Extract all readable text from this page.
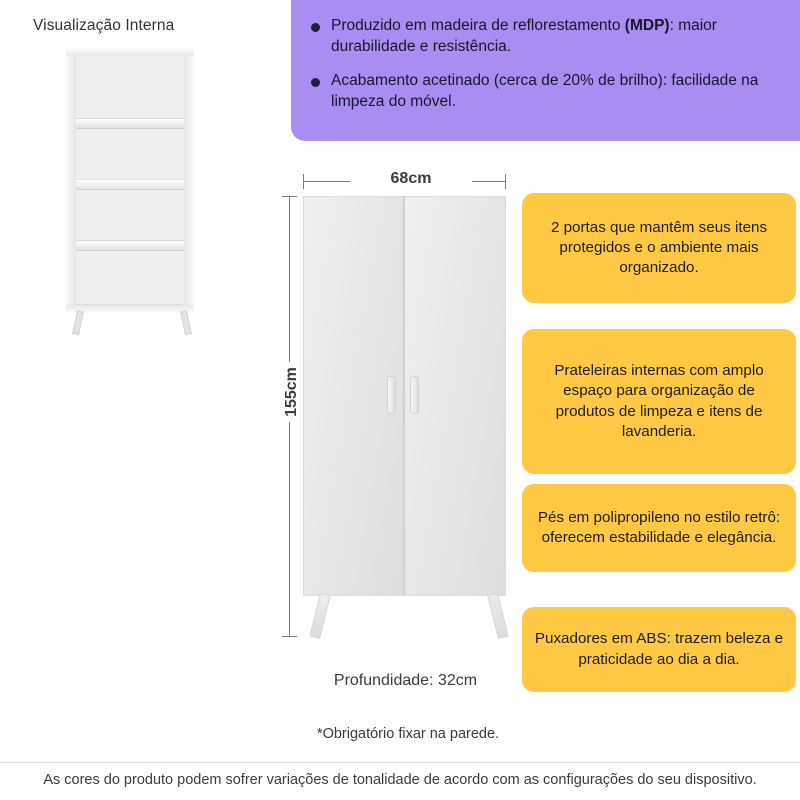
Visualização Interna	Produzido em madeira de reflorestamento (MDP): maior durabilidade e resistência.
Acabamento acetinado (cerca de 20% de brilho): facilidade na limpeza do móvel.
68cm
155cm
Profundidade: 32cm
*Obrigatório fixar na parede.
2 portas que mantêm seus itens protegidos e o ambiente mais organizado.
Prateleiras internas com amplo espaço para organização de produtos de limpeza e itens de lavanderia.
Pés em polipropileno no estilo retrô: oferecem estabilidade e elegância.
Puxadores em ABS: trazem beleza e praticidade ao dia a dia.
As cores do produto podem sofrer variações de tonalidade de acordo com as configurações do seu dispositivo.
